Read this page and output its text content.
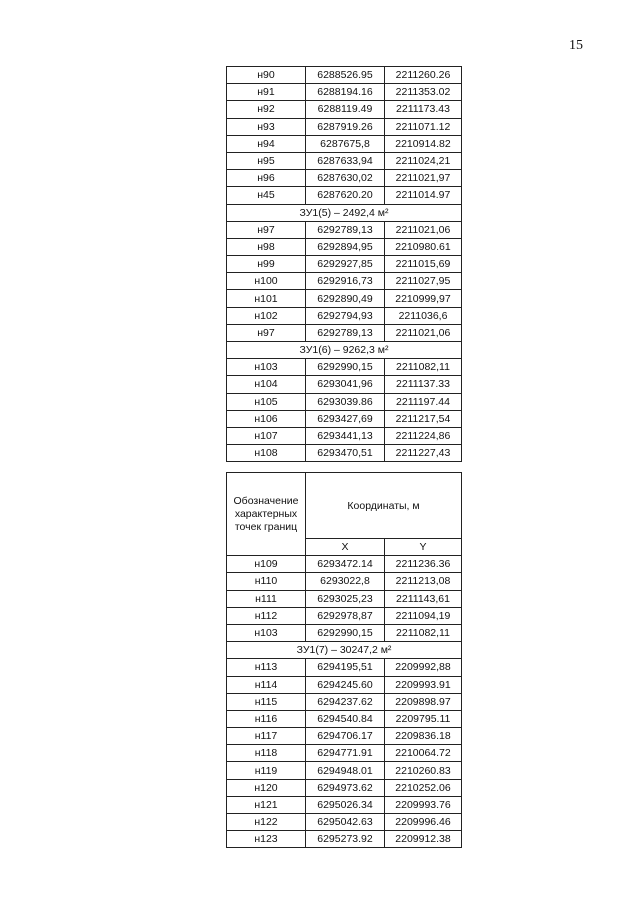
15
н90	6288526.95	2211260.26
н91	6288194.16	2211353.02
н92	6288119.49	2211173.43
н93	6287919.26	2211071.12
н94	6287675,8	2210914.82
н95	6287633,94	2211024,21
н96	6287630,02	2211021,97
н45	6287620.20	2211014.97
ЗУ1(5) – 2492,4 м²		
н97	6292789,13	2211021,06
н98	6292894,95	2210980.61
н99	6292927,85	2211015,69
н100	6292916,73	2211027,95
н101	6292890,49	2210999,97
н102	6292794,93	2211036,6
н97	6292789,13	2211021,06
ЗУ1(6) – 9262,3 м²		
н103	6292990,15	2211082,11
н104	6293041,96	2211137.33
н105	6293039.86	2211197.44
н106	6293427,69	2211217,54
н107	6293441,13	2211224,86
н108	6293470,51	2211227,43
Обозначение характерных точек границ	Координаты, м	
	X	Y
н109	6293472.14	2211236.36
н110	6293022,8	2211213,08
н111	6293025,23	2211143,61
н112	6292978,87	2211094,19
н103	6292990,15	2211082,11
ЗУ1(7) – 30247,2 м²		
н113	6294195,51	2209992,88
н114	6294245.60	2209993.91
н115	6294237.62	2209898.97
н116	6294540.84	2209795.11
н117	6294706.17	2209836.18
н118	6294771.91	2210064.72
н119	6294948.01	2210260.83
н120	6294973.62	2210252.06
н121	6295026.34	2209993.76
н122	6295042.63	2209996.46
н123	6295273.92	2209912.38
